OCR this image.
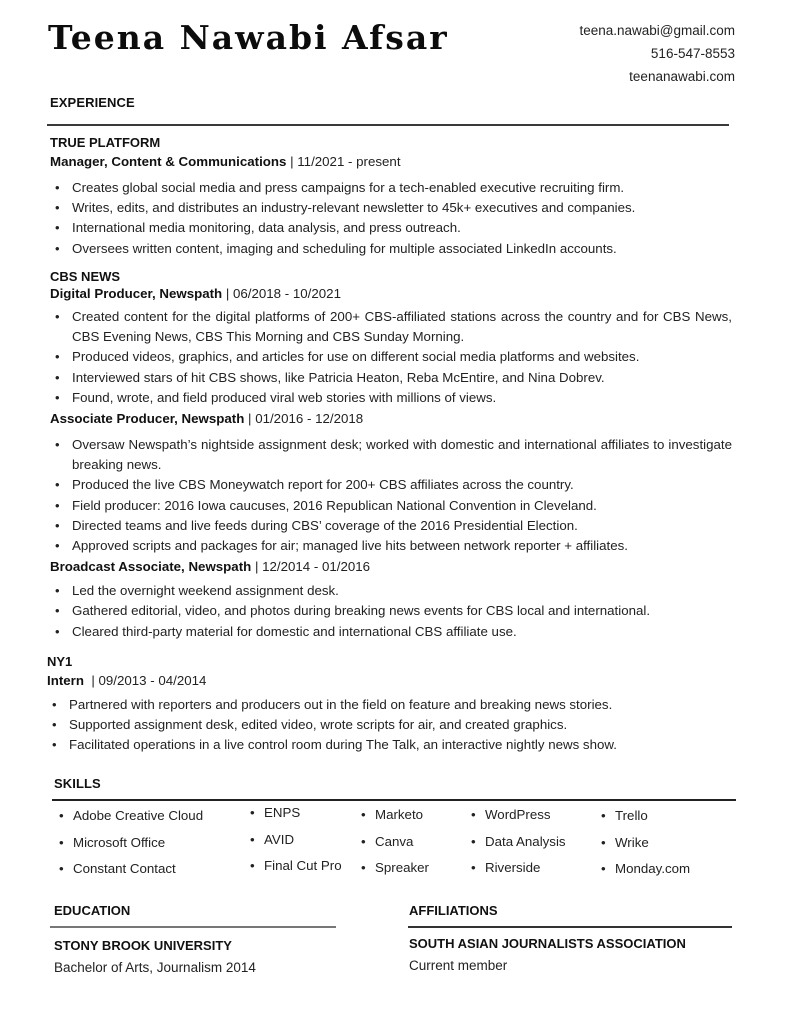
Teena Nawabi Afsar	teena.nawabi@gmail.com
516-547-8553
teenanawabi.com
EXPERIENCE
TRUE PLATFORM
Manager, Content & Communications | 11/2021 - present
• Creates global social media and press campaigns for a tech-enabled executive recruiting firm.
• Writes, edits, and distributes an industry-relevant newsletter to 45k+ executives and companies.
• International media monitoring, data analysis, and press outreach.
• Oversees written content, imaging and scheduling for multiple associated LinkedIn accounts.
CBS NEWS
Digital Producer, Newspath | 06/2018 - 10/2021
• Created content for the digital platforms of 200+ CBS-affiliated stations across the country and for CBS News, CBS Evening News, CBS This Morning and CBS Sunday Morning.
• Produced videos, graphics, and articles for use on different social media platforms and websites.
• Interviewed stars of hit CBS shows, like Patricia Heaton, Reba McEntire, and Nina Dobrev.
• Found, wrote, and field produced viral web stories with millions of views.
Associate Producer, Newspath | 01/2016 - 12/2018
• Oversaw Newspath’s nightside assignment desk; worked with domestic and international affiliates to investigate breaking news.
• Produced the live CBS Moneywatch report for 200+ CBS affiliates across the country.
• Field producer: 2016 Iowa caucuses, 2016 Republican National Convention in Cleveland.
• Directed teams and live feeds during CBS’ coverage of the 2016 Presidential Election.
• Approved scripts and packages for air; managed live hits between network reporter + affiliates.
Broadcast Associate, Newspath | 12/2014 - 01/2016
• Led the overnight weekend assignment desk.
• Gathered editorial, video, and photos during breaking news events for CBS local and international.
• Cleared third-party material for domestic and international CBS affiliate use.
NY1
Intern  | 09/2013 - 04/2014
• Partnered with reporters and producers out in the field on feature and breaking news stories.
• Supported assignment desk, edited video, wrote scripts for air, and created graphics.
• Facilitated operations in a live control room during The Talk, an interactive nightly news show.
SKILLS
• Adobe Creative Cloud
• Microsoft Office
• Constant Contact
• ENPS
• AVID
• Final Cut Pro
• Marketo
• Canva
• Spreaker
• WordPress
• Data Analysis
• Riverside
• Trello
• Wrike
• Monday.com
EDUCATION
STONY BROOK UNIVERSITY
Bachelor of Arts, Journalism 2014
AFFILIATIONS
SOUTH ASIAN JOURNALISTS ASSOCIATION
Current member
